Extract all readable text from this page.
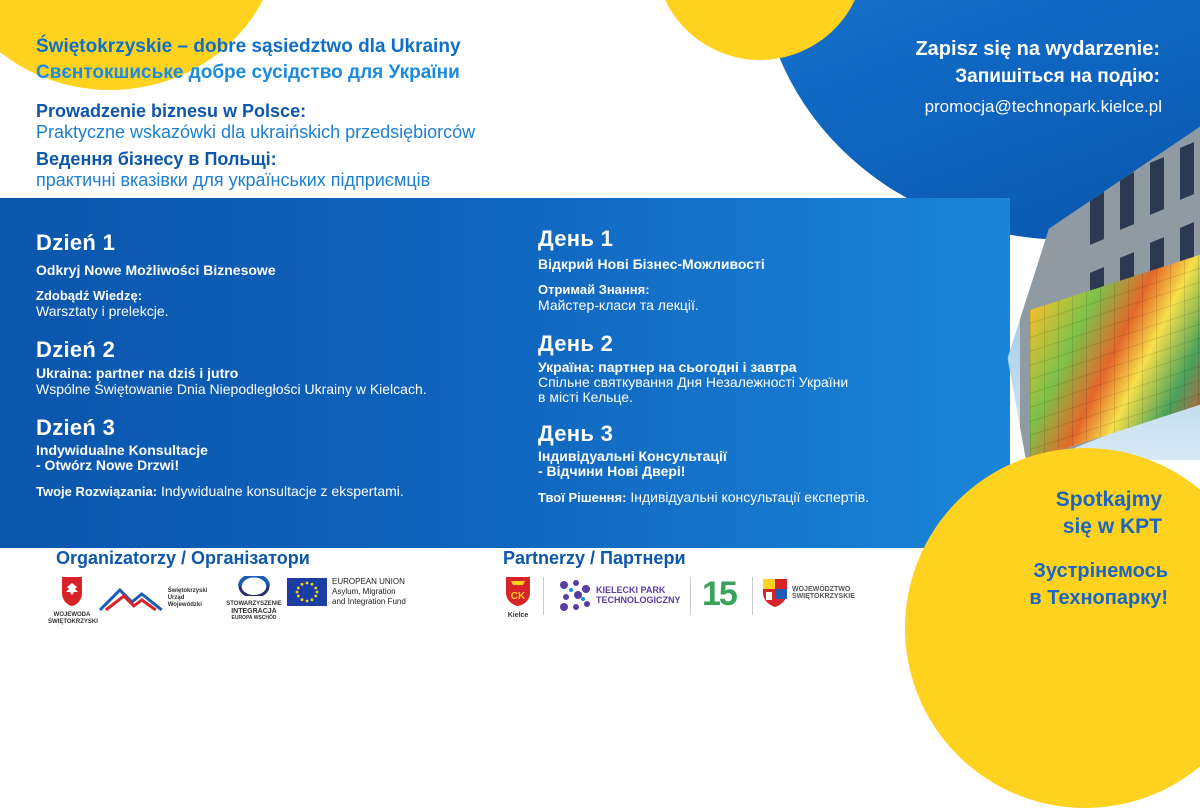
Świętokrzyskie – dobre sąsiedztwo dla Ukrainy
Свєнтокшиське добре сусідство для України
Prowadzenie biznesu w Polsce:
Praktyczne wskazówki dla ukraińskich przedsiębiorców
Ведення бізнесу в Польщі:
практичні вказівки для українських підприємців
Zapisz się na wydarzenie:
Запишіться на подію:
promocja@technopark.kielce.pl
Dzień 1
Odkryj Nowe Możliwości Biznesowe
Zdobądź Wiedzę:
Warsztaty i prelekcje.
Dzień 2
Ukraina: partner na dziś i jutro
Wspólne Świętowanie Dnia Niepodległości Ukrainy w Kielcach.
Dzień 3
Indywidualne Konsultacje
- Otwórz Nowe Drzwi!
Twoje Rozwiązania: Indywidualne konsultacje z ekspertami.
День 1
Відкрий Нові Бізнес-Можливості
Отримай Знання:
Майстер-класи та лекції.
День 2
Україна: партнер на сьогодні і завтра
Спільне святкування Дня Незалежності України
в місті Кельце.
День 3
Індивідуальні Консультації
- Відчини Нові Двері!
Твої Рішення: Індивідуальні консультації експертів.	Spotkajmy
się w KPT
Зустрінемось
в Технопарку!
Organizatorzy / Організатори	Partnerzy / Партнери
WOJEWODA
ŚWIĘTOKRZYSKI
Świętokrzyski
Urząd Wojewódzki	STOWARZYSZENIE
INTEGRACJA
EUROPA WSCHÓD
EUROPEAN UNION
Asylum, Migration
and Integration Fund	CK
Kielce
KIELECKI PARK
TECHNOLOGICZNY 15	WOJEWÓDZTWO
ŚWIĘTOKRZYSKIE
